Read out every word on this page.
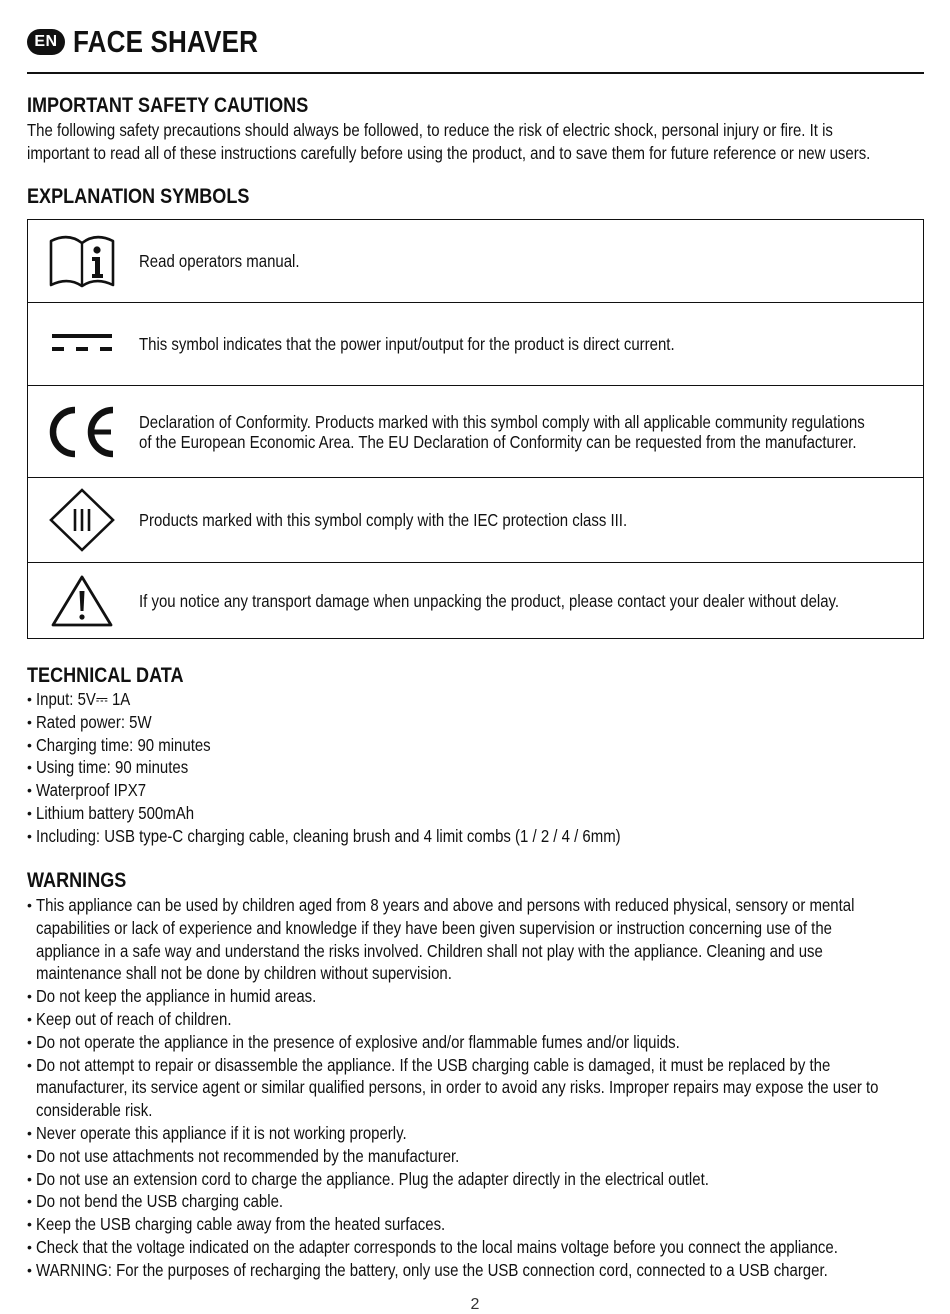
EN FACE SHAVER
IMPORTANT SAFETY CAUTIONS
The following safety precautions should always be followed, to reduce the risk of electric shock, personal injury or fire. It is
important to read all of these instructions carefully before using the product, and to save them for future reference or new users.
EXPLANATION SYMBOLS
Read operators manual.
This symbol indicates that the power input/output for the product is direct current.
Declaration of Conformity. Products marked with this symbol comply with all applicable community regulations
of the European Economic Area. The EU Declaration of Conformity can be requested from the manufacturer.
Products marked with this symbol comply with the IEC protection class III.
If you notice any transport damage when unpacking the product, please contact your dealer without delay.
TECHNICAL DATA
• Input: 5V⎓ 1A
• Rated power: 5W
• Charging time: 90 minutes
• Using time: 90 minutes
• Waterproof IPX7
• Lithium battery 500mAh
• Including: USB type-C charging cable, cleaning brush and 4 limit combs (1 / 2 / 4 / 6mm)
WARNINGS
• This appliance can be used by children aged from 8 years and above and persons with reduced physical, sensory or mental
capabilities or lack of experience and knowledge if they have been given supervision or instruction concerning use of the
appliance in a safe way and understand the risks involved. Children shall not play with the appliance. Cleaning and use
maintenance shall not be done by children without supervision.
• Do not keep the appliance in humid areas.
• Keep out of reach of children.
• Do not operate the appliance in the presence of explosive and/or flammable fumes and/or liquids.
• Do not attempt to repair or disassemble the appliance. If the USB charging cable is damaged, it must be replaced by the
manufacturer, its service agent or similar qualified persons, in order to avoid any risks. Improper repairs may expose the user to
considerable risk.
• Never operate this appliance if it is not working properly.
• Do not use attachments not recommended by the manufacturer.
• Do not use an extension cord to charge the appliance. Plug the adapter directly in the electrical outlet.
• Do not bend the USB charging cable.
• Keep the USB charging cable away from the heated surfaces.
• Check that the voltage indicated on the adapter corresponds to the local mains voltage before you connect the appliance.
• WARNING: For the purposes of recharging the battery, only use the USB connection cord, connected to a USB charger.
2
